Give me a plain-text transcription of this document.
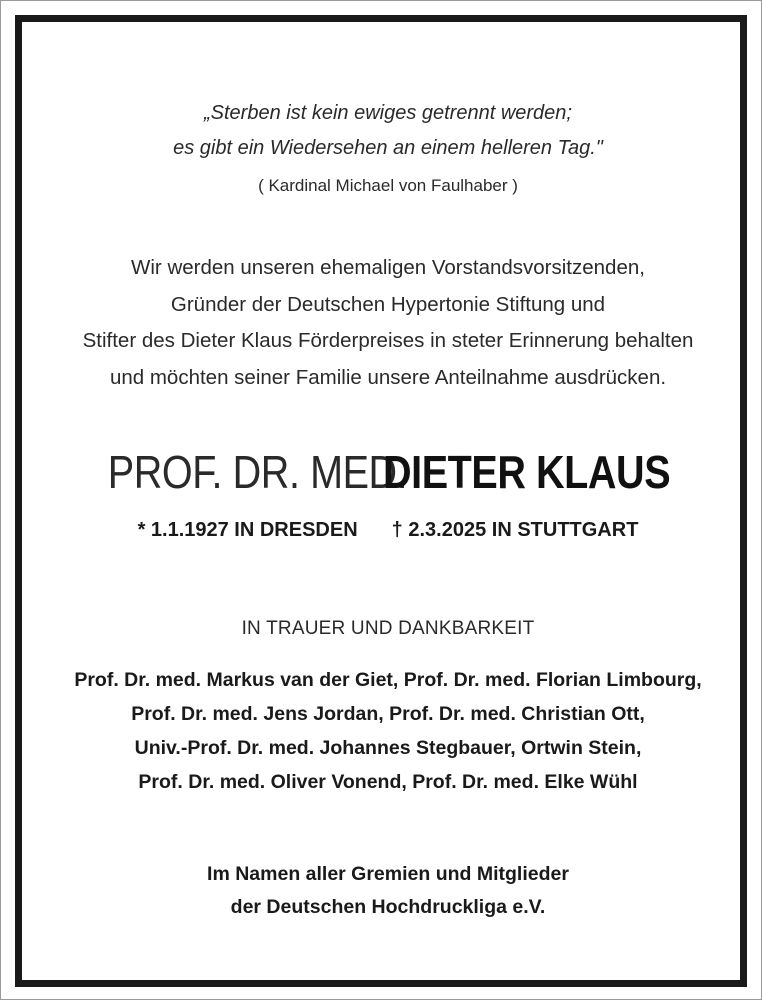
„Sterben ist kein ewiges getrennt werden;
es gibt ein Wiedersehen an einem helleren Tag."
( Kardinal Michael von Faulhaber )
Wir werden unseren ehemaligen Vorstandsvorsitzenden,
Gründer der Deutschen Hypertonie Stiftung und
Stifter des Dieter Klaus Förderpreises in steter Erinnerung behalten
und möchten seiner Familie unsere Anteilnahme ausdrücken.
PROF. DR. MED. DIETER KLAUS
* 1.1.1927 IN DRESDEN † 2.3.2025 IN STUTTGART
IN TRAUER UND DANKBARKEIT
Prof. Dr. med. Markus van der Giet, Prof. Dr. med. Florian Limbourg,
Prof. Dr. med. Jens Jordan, Prof. Dr. med. Christian Ott,
Univ.-Prof. Dr. med. Johannes Stegbauer, Ortwin Stein,
Prof. Dr. med. Oliver Vonend, Prof. Dr. med. Elke Wühl
Im Namen aller Gremien und Mitglieder
der Deutschen Hochdruckliga e.V.
